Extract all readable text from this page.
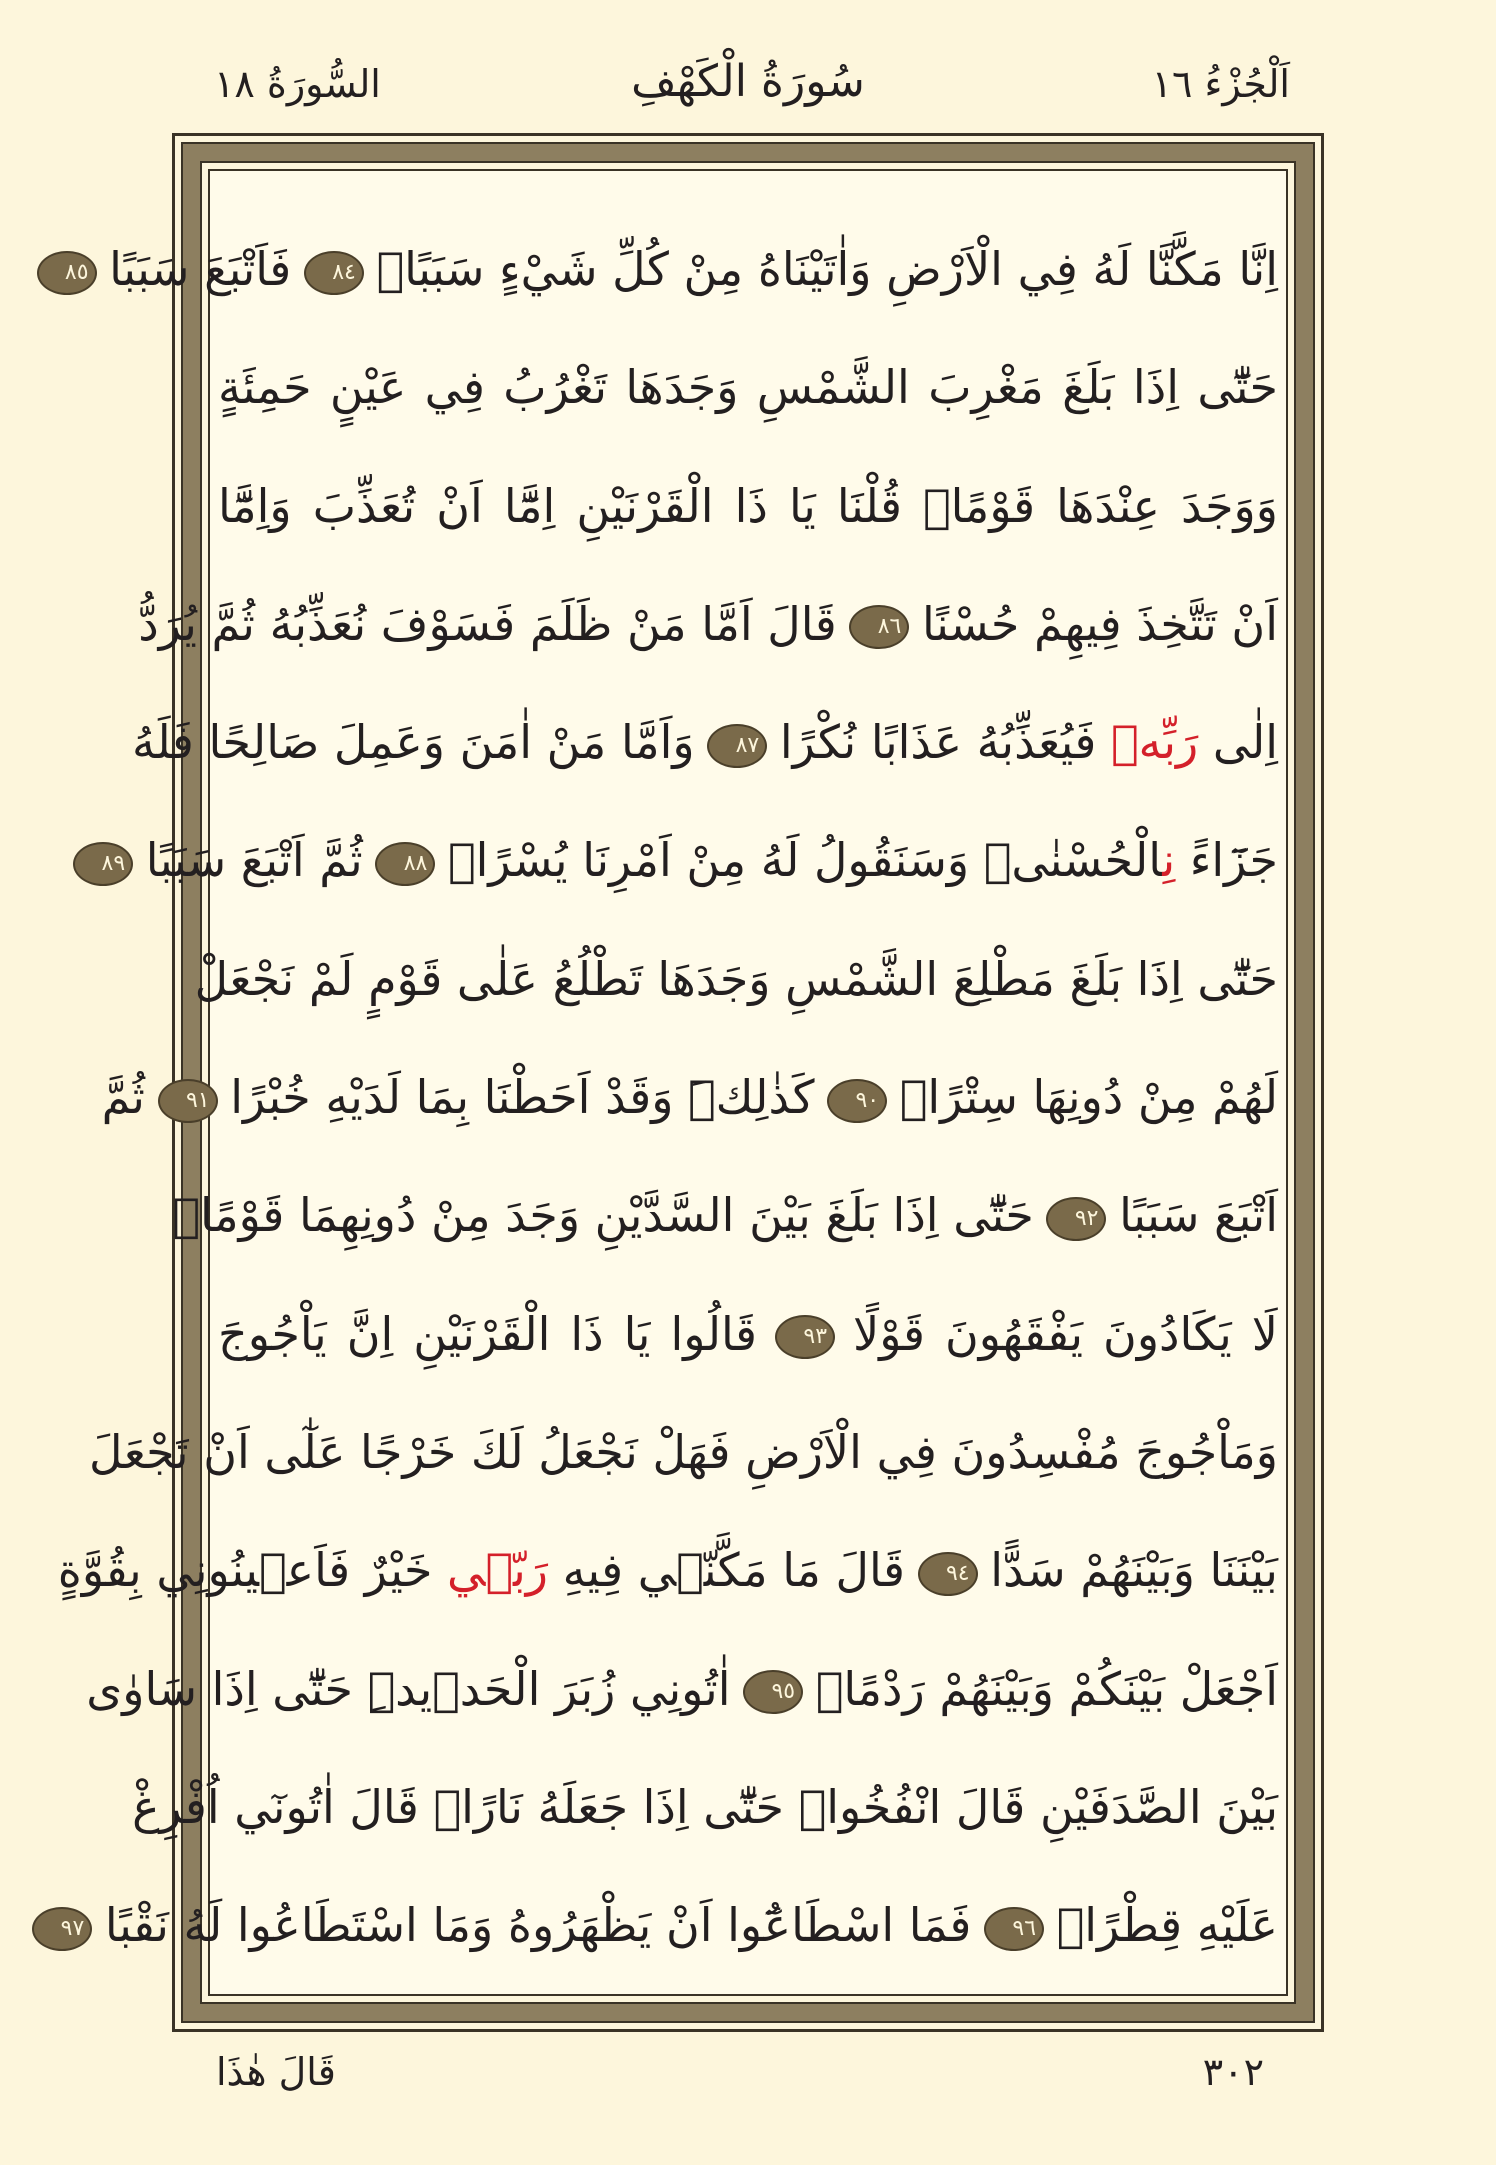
اَلْجُزْءُ ١٦
سُورَةُ الْكَهْفِ
السُّورَةُ ١٨
اِنَّا مَكَّنَّا لَهُ فِي الْاَرْضِ وَاٰتَيْنَاهُ مِنْ كُلِّ شَيْءٍ سَبَبًاۙ ٨٤ فَاَتْبَعَ سَبَبًا ٨٥
حَتّٰٓى اِذَا بَلَغَ مَغْرِبَ الشَّمْسِ وَجَدَهَا تَغْرُبُ فِي عَيْنٍ حَمِئَةٍ
وَوَجَدَ عِنْدَهَا قَوْمًاۜ قُلْنَا يَا ذَا الْقَرْنَيْنِ اِمَّٓا اَنْ تُعَذِّبَ وَاِمَّٓا
اَنْ تَتَّخِذَ فِيهِمْ حُسْنًا ٨٦ قَالَ اَمَّا مَنْ ظَلَمَ فَسَوْفَ نُعَذِّبُهُ ثُمَّ يُرَدُّ
اِلٰى رَبِّهٖ فَيُعَذِّبُهُ عَذَابًا نُكْرًا ٨٧ وَاَمَّا مَنْ اٰمَنَ وَعَمِلَ صَالِحًا فَلَهُ
جَزَٓاءً نِالْحُسْنٰىۚ وَسَنَقُولُ لَهُ مِنْ اَمْرِنَا يُسْرًاۜ ٨٨ ثُمَّ اَتْبَعَ سَبَبًا ٨٩
حَتّٰٓى اِذَا بَلَغَ مَطْلِعَ الشَّمْسِ وَجَدَهَا تَطْلُعُ عَلٰى قَوْمٍ لَمْ نَجْعَلْ
لَهُمْ مِنْ دُونِهَا سِتْرًاۙ ٩٠ كَذٰلِكَۜ وَقَدْ اَحَطْنَا بِمَا لَدَيْهِ خُبْرًا ٩١ ثُمَّ
اَتْبَعَ سَبَبًا ٩٢ حَتّٰٓى اِذَا بَلَغَ بَيْنَ السَّدَّيْنِ وَجَدَ مِنْ دُونِهِمَا قَوْمًاۙ
لَا يَكَادُونَ يَفْقَهُونَ قَوْلًا ٩٣ قَالُوا يَا ذَا الْقَرْنَيْنِ اِنَّ يَاْجُوجَ
وَمَاْجُوجَ مُفْسِدُونَ فِي الْاَرْضِ فَهَلْ نَجْعَلُ لَكَ خَرْجًا عَلٰٓى اَنْ تَجْعَلَ
بَيْنَنَا وَبَيْنَهُمْ سَدًّا ٩٤ قَالَ مَا مَكَّنّ۪ي فِيهِ رَبّ۪ي خَيْرٌ فَاَع۪ينُونِي بِقُوَّةٍ
اَجْعَلْ بَيْنَكُمْ وَبَيْنَهُمْ رَدْمًاۙ ٩٥ اٰتُونِي زُبَرَ الْحَد۪يدِۜ حَتّٰٓى اِذَا سَاوٰى
بَيْنَ الصَّدَفَيْنِ قَالَ انْفُخُواۜ حَتّٰٓى اِذَا جَعَلَهُ نَارًاۙ قَالَ اٰتُونٓي اُفْرِغْ
عَلَيْهِ قِطْرًاۜ ٩٦ فَمَا اسْطَاعُٓوا اَنْ يَظْهَرُوهُ وَمَا اسْتَطَاعُوا لَهُ نَقْبًا ٩٧
٣٠٢
قَالَ هٰذَا
